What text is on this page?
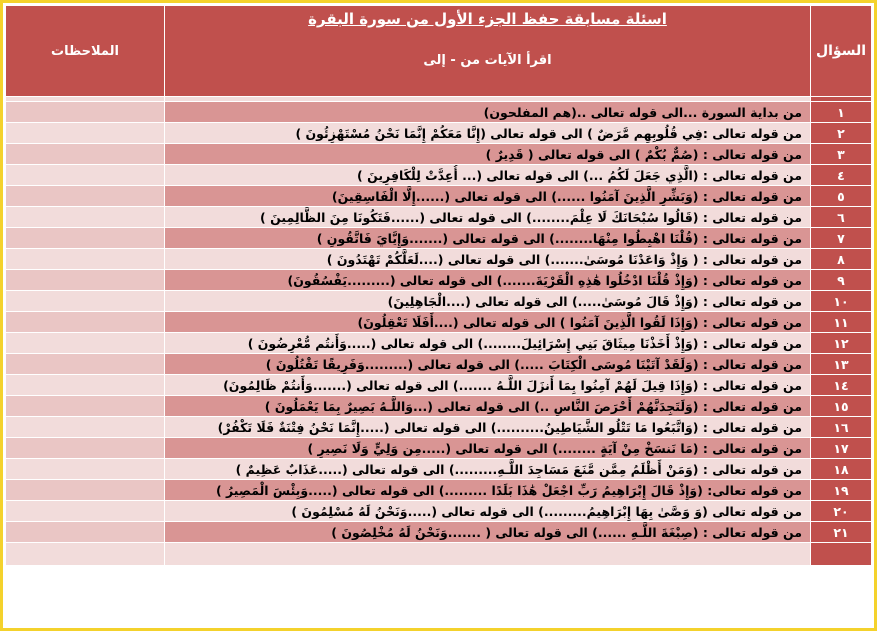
السؤال	اسئلة مسابقة حفظ الجزء الأول من سورة البقرة
اقرأ الآيات من - إلى	الملاحظات

١	من بداية السورة ...الى قوله تعالى ..(هم المفلحون)	
٢	من قوله تعالى :فِي قُلُوبِهِم مَّرَضٌ ) الى قوله تعالى (إِنَّا مَعَكُمْ إِنَّمَا نَحْنُ مُسْتَهْزِئُونَ )	
٣	من قوله تعالى : (صُمٌّ بُكْمٌ ) الى قوله تعالى ( قَدِيرٌ )	
٤	من قوله تعالى : (الَّذِي جَعَلَ لَكُمُ ...) الى قوله تعالى (... أُعِدَّتْ لِلْكَافِرِينَ )	
٥	من قوله تعالى : (وَبَشِّرِ الَّذِينَ آمَنُوا ......) الى قوله تعالى (......إِلَّا الْفَاسِقِينَ)	
٦	من قوله تعالى : (قَالُوا سُبْحَانَكَ لَا عِلْمَ........) الى قوله تعالى (......فَتَكُونَا مِنَ الظَّالِمِينَ )	
٧	من قوله تعالى : (قُلْنَا اهْبِطُوا مِنْهَا........) الى قوله تعالى (.......وَإِيَّايَ فَاتَّقُونِ )	
٨	من قوله تعالى : ( وَإِذْ وَاعَدْنَا مُوسَىٰ.......) الى قوله تعالى (....لَعَلَّكُمْ تَهْتَدُونَ )	
٩	من قوله تعالى : (وَإِذْ قُلْنَا ادْخُلُوا هَٰذِهِ الْقَرْيَةَ.......) الى قوله تعالى (.........يَفْسُقُونَ)	
١٠	من قوله تعالى : (وَإِذْ قَالَ مُوسَىٰ.....) الى قوله تعالى (....الْجَاهِلِينَ)	
١١	من قوله تعالى : (وَإِذَا لَقُوا الَّذِينَ آمَنُوا ) الى قوله تعالى (....أَفَلَا تَعْقِلُونَ)	
١٢	من قوله تعالى : (وَإِذْ أَخَذْنَا مِيثَاقَ بَنِي إِسْرَائِيلَ........) الى قوله تعالى (.....وَأَنتُم مُّعْرِضُونَ )	
١٣	من قوله تعالى : (وَلَقَدْ آتَيْنَا مُوسَى الْكِتَابَ .....) الى قوله تعالى (.........وَفَرِيقًا تَقْتُلُونَ )	
١٤	من قوله تعالى : (وَإِذَا قِيلَ لَهُمْ آمِنُوا بِمَا أَنزَلَ اللَّـهُ .......) الى قوله تعالى (.......وَأَنتُمْ ظَالِمُونَ)	
١٥	من قوله تعالى : (وَلَتَجِدَنَّهُمْ أَحْرَصَ النَّاسِ ..) الى قوله تعالى (...وَاللَّـهُ بَصِيرٌ بِمَا يَعْمَلُونَ )	
١٦	من قوله تعالى : (وَاتَّبَعُوا مَا تَتْلُو الشَّيَاطِينُ..........) الى قوله تعالى (.....إِنَّمَا نَحْنُ فِتْنَةٌ فَلَا تَكْفُرْ)	
١٧	من قوله تعالى : (مَا نَنسَخْ مِنْ آيَةٍ ........) الى قوله تعالى (.....مِن وَلِيٍّ وَلَا نَصِيرٍ )	
١٨	من قوله تعالى : (وَمَنْ أَظْلَمُ مِمَّن مَّنَعَ مَسَاجِدَ اللَّـهِ.........) الى قوله تعالى (.....عَذَابٌ عَظِيمٌ )	
١٩	من قوله تعالى: (وَإِذْ قَالَ إِبْرَاهِيمُ رَبِّ اجْعَلْ هَٰذَا بَلَدًا .........) الى قوله تعالى (.....وَبِئْسَ الْمَصِيرُ )	
٢٠	من قوله تعالى (وَ وَصَّىٰ بِهَا إِبْرَاهِيمُ.........) الى قوله تعالى (.....وَنَحْنُ لَهُ مُسْلِمُونَ )	
٢١	من قوله تعالى : (صِبْغَةَ اللَّـهِ ......) الى قوله تعالى ( .......وَنَحْنُ لَهُ مُخْلِصُونَ )	
